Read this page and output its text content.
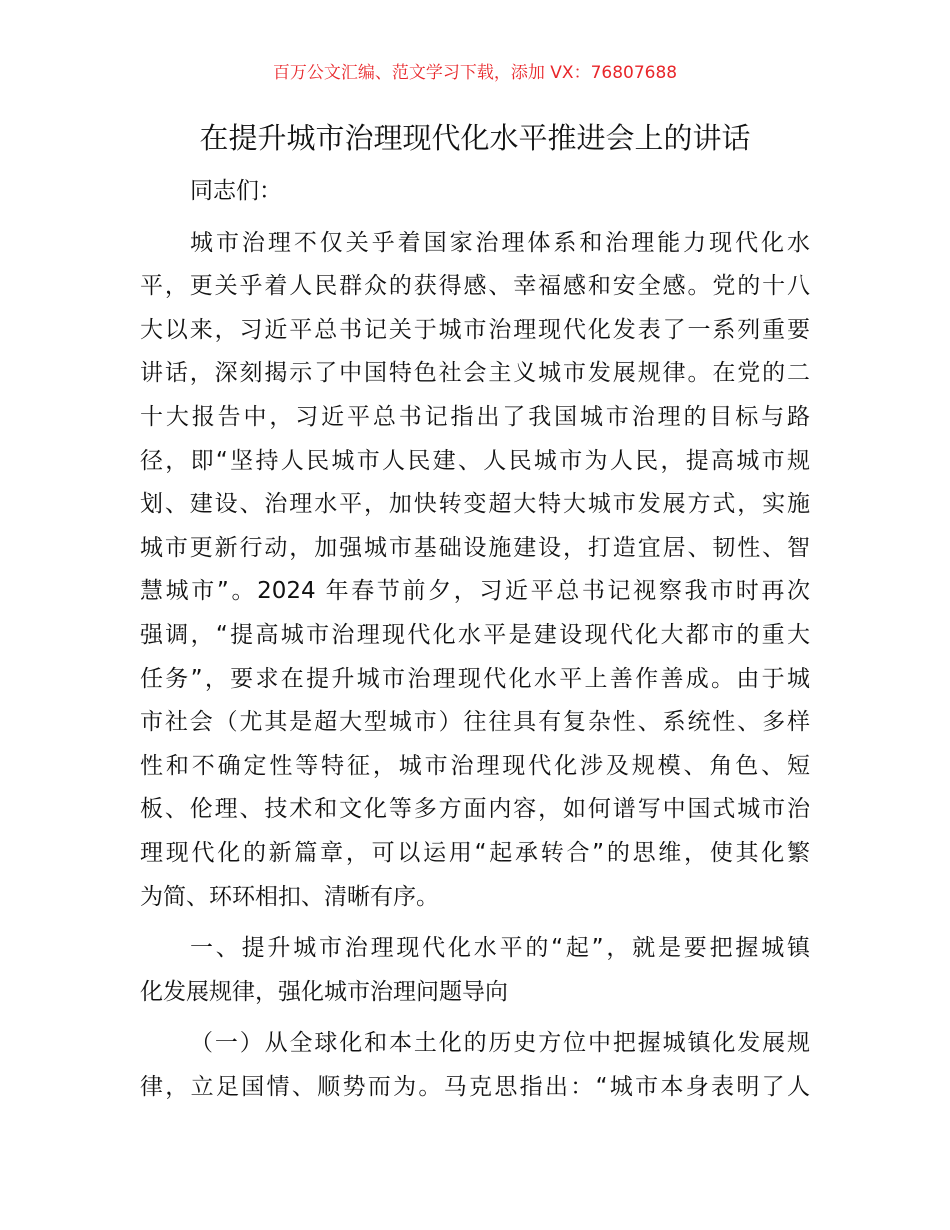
百万公文汇编、范文学习下载，添加 VX：76807688
在提升城市治理现代化水平推进会上的讲话
同志们：
城市治理不仅关乎着国家治理体系和治理能力现代化水
平，更关乎着人民群众的获得感、幸福感和安全感。党的十八
大以来，习近平总书记关于城市治理现代化发表了一系列重要
讲话，深刻揭示了中国特色社会主义城市发展规律。在党的二
十大报告中，习近平总书记指出了我国城市治理的目标与路
径，即“坚持人民城市人民建、人民城市为人民，提高城市规
划、建设、治理水平，加快转变超大特大城市发展方式，实施
城市更新行动，加强城市基础设施建设，打造宜居、韧性、智
慧城市”。2024 年春节前夕，习近平总书记视察我市时再次
强调，“提高城市治理现代化水平是建设现代化大都市的重大
任务”，要求在提升城市治理现代化水平上善作善成。由于城
市社会（尤其是超大型城市）往往具有复杂性、系统性、多样
性和不确定性等特征，城市治理现代化涉及规模、角色、短
板、伦理、技术和文化等多方面内容，如何谱写中国式城市治
理现代化的新篇章，可以运用“起承转合”的思维，使其化繁
为简、环环相扣、清晰有序。
一、提升城市治理现代化水平的“起”，就是要把握城镇
化发展规律，强化城市治理问题导向
（一）从全球化和本土化的历史方位中把握城镇化发展规
律，立足国情、顺势而为。马克思指出：“城市本身表明了人
